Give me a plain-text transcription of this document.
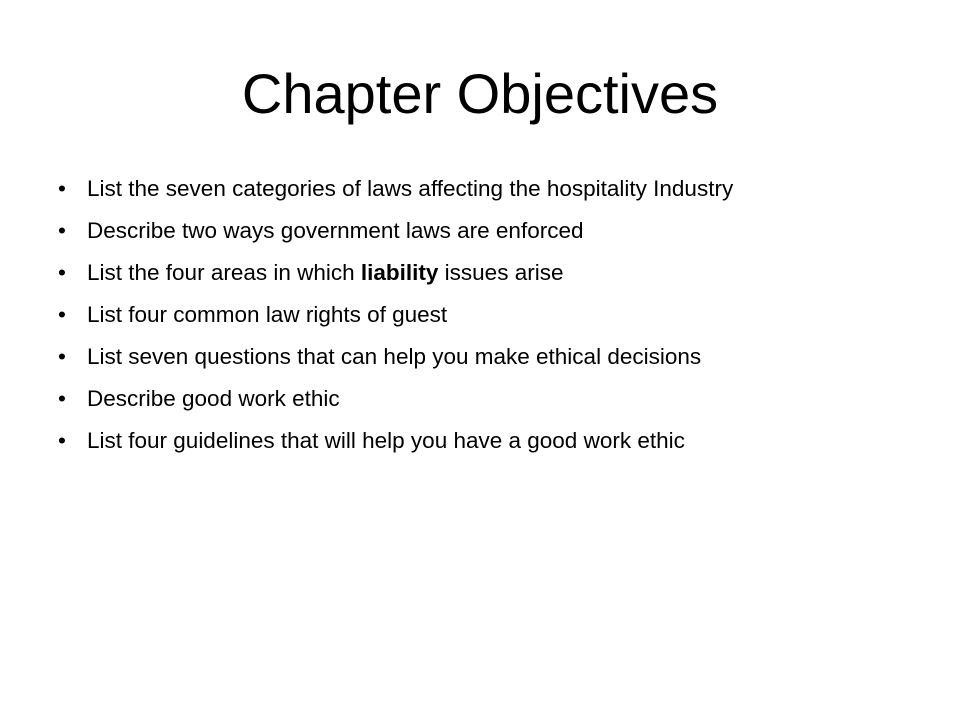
Chapter Objectives
• List the seven categories of laws affecting the hospitality Industry
• Describe two ways government laws are enforced
• List the four areas in which liability issues arise
• List four common law rights of guest
• List seven questions that can help you make ethical decisions
• Describe good work ethic
• List four guidelines that will help you have a good work ethic
